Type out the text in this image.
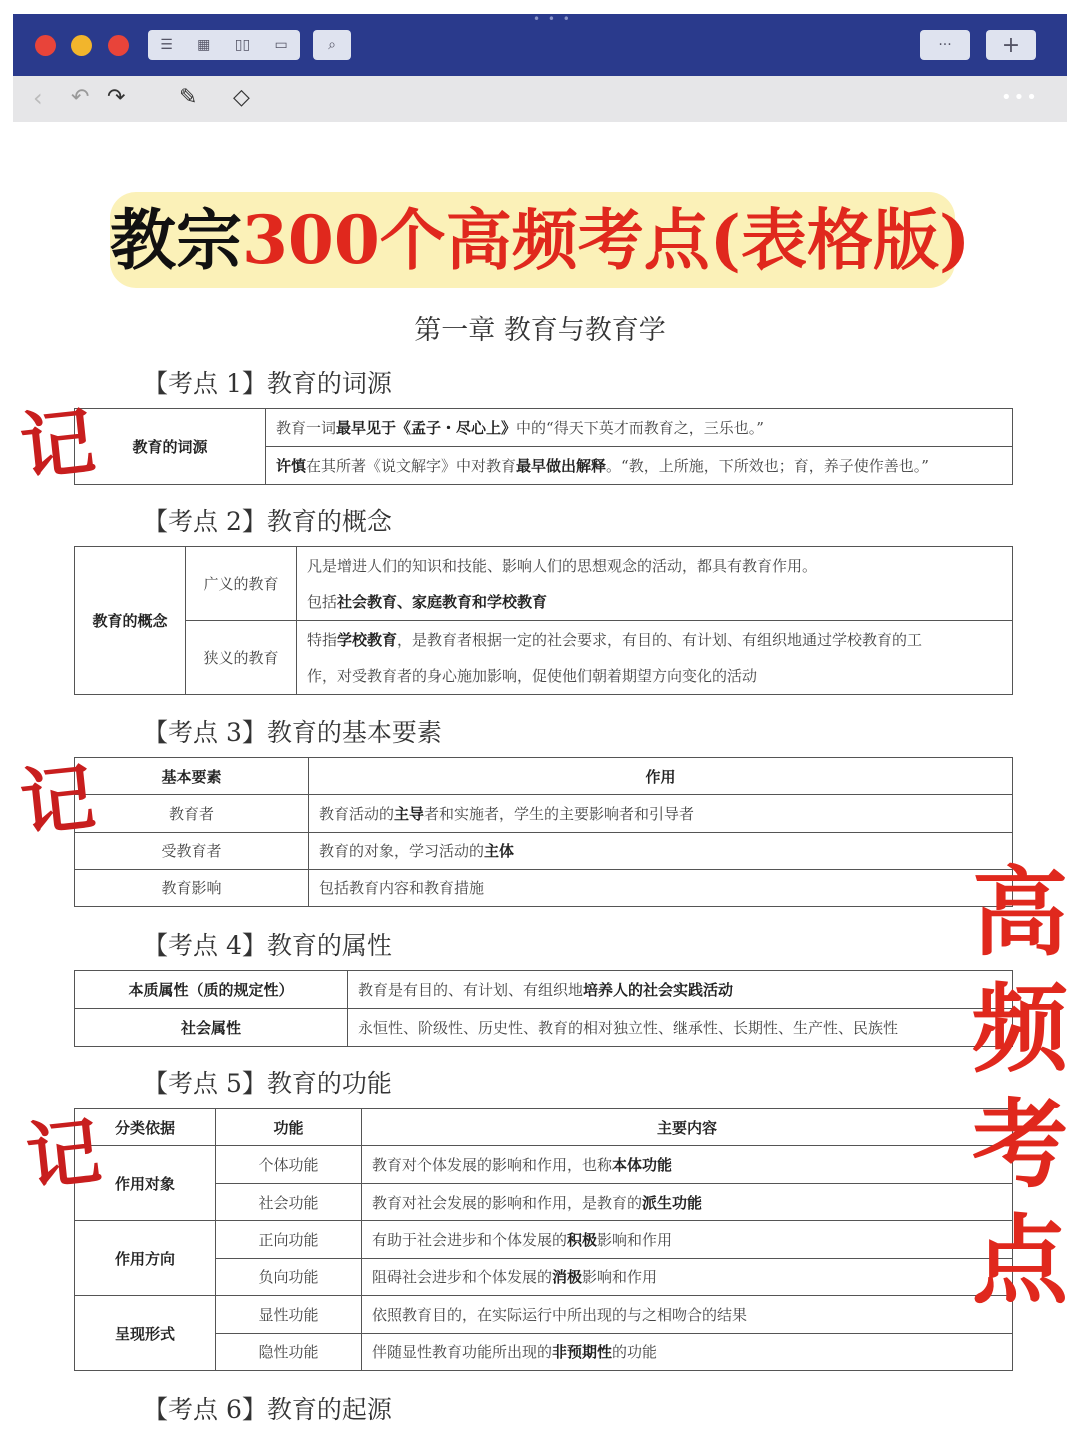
• • •
☰ ▦ ▯▯ ▭	⌕	··· +
‹ ↶ ↷ ✎ ◇	•••
教宗300个高频考点(表格版)
第一章 教育与教育学
【考点 1】教育的词源
【考点 2】教育的概念
【考点 3】教育的基本要素
【考点 4】教育的属性
【考点 5】教育的功能
【考点 6】教育的起源
教育的词源	教育一词最早见于《孟子・尽心上》中的“得天下英才而教育之，三乐也。”
许慎在其所著《说文解字》中对教育最早做出解释。“教，上所施，下所效也；育，养子使作善也。”
教育的概念	广义的教育	凡是增进人们的知识和技能、影响人们的思想观念的活动，都具有教育作用。
		包括社会教育、家庭教育和学校教育
	狭义的教育	特指学校教育，是教育者根据一定的社会要求，有目的、有计划、有组织地通过学校教育的工
		作，对受教育者的身心施加影响，促使他们朝着期望方向变化的活动
基本要素	作用
教育者	教育活动的主导者和实施者，学生的主要影响者和引导者
受教育者	教育的对象，学习活动的主体
教育影响	包括教育内容和教育措施
本质属性（质的规定性）	教育是有目的、有计划、有组织地培养人的社会实践活动
社会属性	永恒性、阶级性、历史性、教育的相对独立性、继承性、长期性、生产性、民族性
分类依据	功能	主要内容
作用对象	个体功能	教育对个体发展的影响和作用，也称本体功能
	社会功能	教育对社会发展的影响和作用，是教育的派生功能
作用方向	正向功能	有助于社会进步和个体发展的积极影响和作用
	负向功能	阻碍社会进步和个体发展的消极影响和作用
呈现形式	显性功能	依照教育目的，在实际运行中所出现的与之相吻合的结果
	隐性功能	伴随显性教育功能所出现的非预期性的功能
记
记
记
高
频
考
点
